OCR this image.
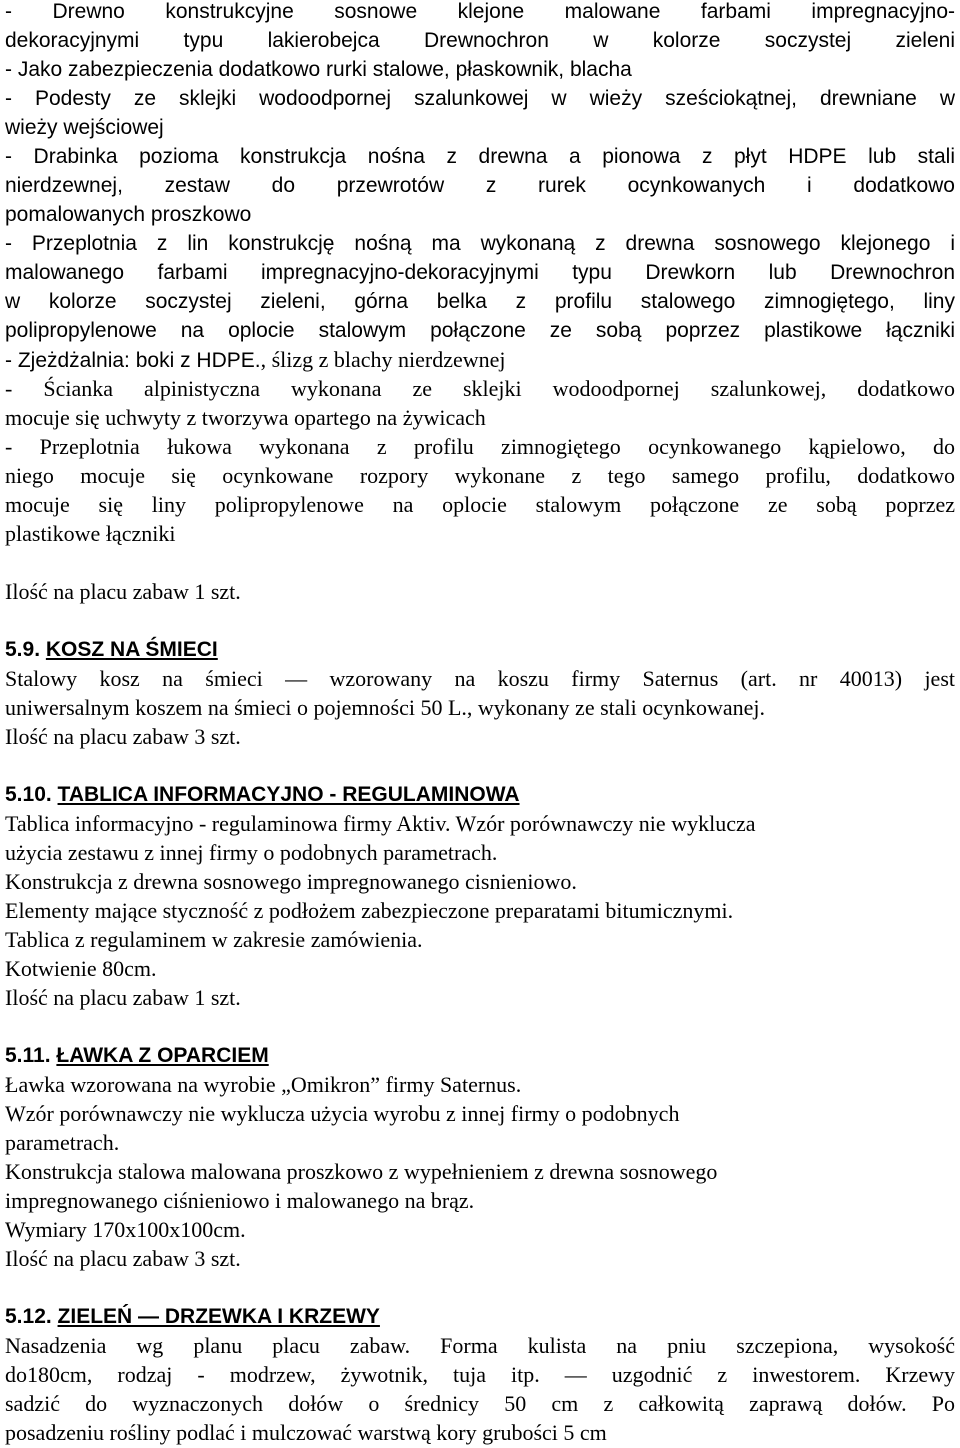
- Drewno konstrukcyjne sosnowe klejone malowane farbami impregnacyjno-
dekoracyjnymi typu lakierobejca Drewnochron w kolorze soczystej zieleni
- Jako zabezpieczenia dodatkowo rurki stalowe, płaskownik, blacha
- Podesty ze sklejki wodoodpornej szalunkowej w wieży sześciokątnej, drewniane w
wieży wejściowej
- Drabinka pozioma konstrukcja nośna z drewna a pionowa z płyt HDPE lub stali
nierdzewnej, zestaw do przewrotów z rurek ocynkowanych i dodatkowo
pomalowanych proszkowo
- Przeplotnia z lin konstrukcję nośną ma wykonaną z drewna sosnowego klejonego i
malowanego farbami impregnacyjno-dekoracyjnymi typu Drewkorn lub Drewnochron
w kolorze soczystej zieleni, górna belka z profilu stalowego zimnogiętego, liny
polipropylenowe na oplocie stalowym połączone ze sobą poprzez plastikowe łączniki
- Zjeżdżalnia: boki z HDPE., ślizg z blachy nierdzewnej
- Ścianka alpinistyczna wykonana ze sklejki wodoodpornej szalunkowej, dodatkowo
mocuje się uchwyty z tworzywa opartego na żywicach
- Przeplotnia łukowa wykonana z profilu zimnogiętego ocynkowanego kąpielowo, do
niego mocuje się ocynkowane rozpory wykonane z tego samego profilu, dodatkowo
mocuje się liny polipropylenowe na oplocie stalowym połączone ze sobą poprzez
plastikowe łączniki
Ilość na placu zabaw 1 szt.
5.9. KOSZ NA ŚMIECI
Stalowy kosz na śmieci — wzorowany na koszu firmy Saternus (art. nr 40013) jest
uniwersalnym koszem na śmieci o pojemności 50 L., wykonany ze stali ocynkowanej.
Ilość na placu zabaw 3 szt.
5.10. TABLICA INFORMACYJNO - REGULAMINOWA
Tablica informacyjno - regulaminowa firmy Aktiv. Wzór porównawczy nie wyklucza
użycia zestawu z innej firmy o podobnych parametrach.
Konstrukcja z drewna sosnowego impregnowanego cisnieniowo.
Elementy mające styczność z podłożem zabezpieczone preparatami bitumicznymi.
Tablica z regulaminem w zakresie zamówienia.
Kotwienie 80cm.
Ilość na placu zabaw 1 szt.
5.11. ŁAWKA Z OPARCIEM
Ławka wzorowana na wyrobie „Omikron” firmy Saternus.
Wzór porównawczy nie wyklucza użycia wyrobu z innej firmy o podobnych
parametrach.
Konstrukcja stalowa malowana proszkowo z wypełnieniem z drewna sosnowego
impregnowanego ciśnieniowo i malowanego na brąz.
Wymiary 170x100x100cm.
Ilość na placu zabaw 3 szt.
5.12. ZIELEŃ — DRZEWKA I KRZEWY
Nasadzenia wg planu placu zabaw. Forma kulista na pniu szczepiona, wysokość
do180cm, rodzaj - modrzew, żywotnik, tuja itp. — uzgodnić z inwestorem. Krzewy
sadzić do wyznaczonych dołów o średnicy 50 cm z całkowitą zaprawą dołów. Po
posadzeniu rośliny podlać i mulczować warstwą kory grubości 5 cm
